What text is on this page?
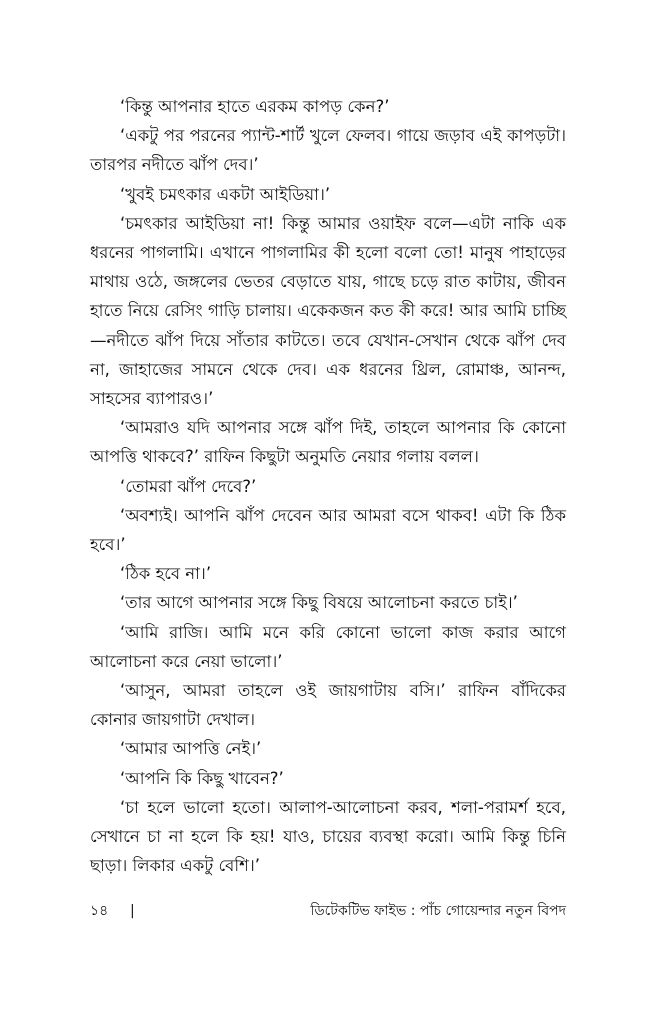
‘কিন্তু আপনার হাতে এরকম কাপড় কেন?’

‘একটু পর পরনের প্যান্ট-শার্ট খুলে ফেলব। গায়ে জড়াব এই কাপড়টা। তারপর নদীতে ঝাঁপ দেব।’

‘খুবই চমৎকার একটা আইডিয়া।’

‘চমৎকার আইডিয়া না! কিন্তু আমার ওয়াইফ বলে—এটা নাকি এক ধরনের পাগলামি। এখানে পাগলামির কী হলো বলো তো! মানুষ পাহাড়ের মাথায় ওঠে, জঙ্গলের ভেতর বেড়াতে যায়, গাছে চড়ে রাত কাটায়, জীবন হাতে নিয়ে রেসিং গাড়ি চালায়। একেকজন কত কী করে! আর আমি চাচ্ছি—নদীতে ঝাঁপ দিয়ে সাঁতার কাটতে। তবে যেখান-সেখান থেকে ঝাঁপ দেব না, জাহাজের সামনে থেকে দেব। এক ধরনের থ্রিল, রোমাঞ্চ, আনন্দ, সাহসের ব্যাপারও।’

‘আমরাও যদি আপনার সঙ্গে ঝাঁপ দিই, তাহলে আপনার কি কোনো আপত্তি থাকবে?’ রাফিন কিছুটা অনুমতি নেয়ার গলায় বলল।

‘তোমরা ঝাঁপ দেবে?’

‘অবশ্যই। আপনি ঝাঁপ দেবেন আর আমরা বসে থাকব! এটা কি ঠিক হবে।’

‘ঠিক হবে না।’

‘তার আগে আপনার সঙ্গে কিছু বিষয়ে আলোচনা করতে চাই।’

‘আমি রাজি। আমি মনে করি কোনো ভালো কাজ করার আগে আলোচনা করে নেয়া ভালো।’

‘আসুন, আমরা তাহলে ওই জায়গাটায় বসি।’ রাফিন বাঁদিকের কোনার জায়গাটা দেখাল।

‘আমার আপত্তি নেই।’

‘আপনি কি কিছু খাবেন?’

‘চা হলে ভালো হতো। আলাপ-আলোচনা করব, শলা-পরামর্শ হবে, সেখানে চা না হলে কি হয়! যাও, চায়ের ব্যবস্থা করো। আমি কিন্তু চিনি ছাড়া। লিকার একটু বেশি।’

১৪ |	ডিটেকটিভ ফাইভ : পাঁচ গোয়েন্দার নতুন বিপদ
